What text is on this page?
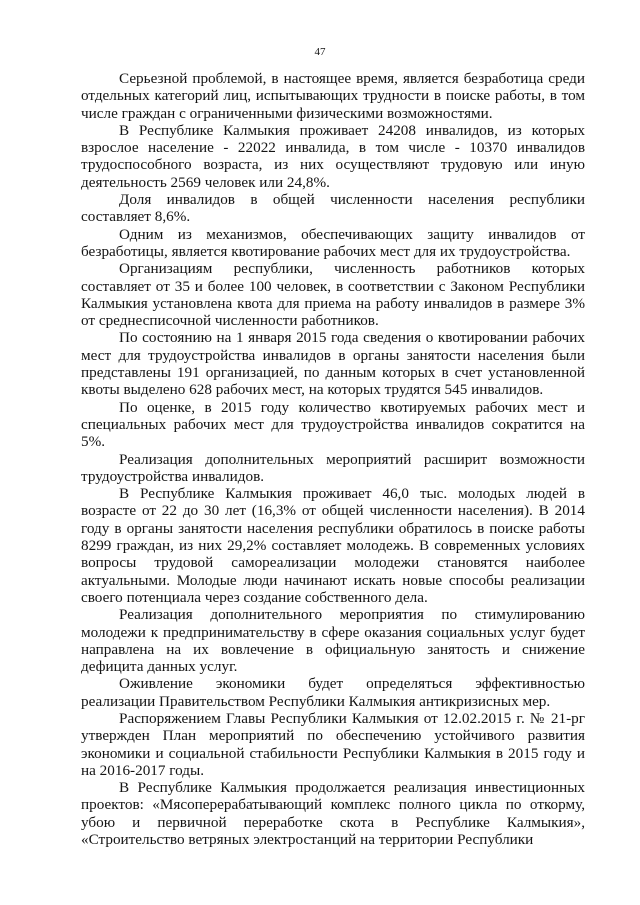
47

Серьезной проблемой, в настоящее время, является безработица среди отдельных категорий лиц, испытывающих трудности в поиске работы, в том числе граждан с ограниченными физическими возможностями.

В Республике Калмыкия проживает 24208 инвалидов, из которых взрослое население - 22022 инвалида, в том числе - 10370 инвалидов трудоспособного возраста, из них осуществляют трудовую или иную деятельность 2569 человек или 24,8%.

Доля инвалидов в общей численности населения республики составляет 8,6%.

Одним из механизмов, обеспечивающих защиту инвалидов от безработицы, является квотирование рабочих мест для их трудоустройства.

Организациям республики, численность работников которых составляет от 35 и более 100 человек, в соответствии с Законом Республики Калмыкия установлена квота для приема на работу инвалидов в размере 3% от среднесписочной численности работников.

По состоянию на 1 января 2015 года сведения о квотировании рабочих мест для трудоустройства инвалидов в органы занятости населения были представлены 191 организацией, по данным которых в счет установленной квоты выделено 628 рабочих мест, на которых трудятся 545 инвалидов.

По оценке, в 2015 году количество квотируемых рабочих мест и специальных рабочих мест для трудоустройства инвалидов сократится на 5%.

Реализация дополнительных мероприятий расширит возможности трудоустройства инвалидов.

В Республике Калмыкия проживает 46,0 тыс. молодых людей в возрасте от 22 до 30 лет (16,3% от общей численности населения). В 2014 году в органы занятости населения республики обратилось в поиске работы 8299 граждан, из них 29,2% составляет молодежь. В современных условиях вопросы трудовой самореализации молодежи становятся наиболее актуальными. Молодые люди начинают искать новые способы реализации своего потенциала через создание собственного дела.

Реализация дополнительного мероприятия по стимулированию молодежи к предпринимательству в сфере оказания социальных услуг будет направлена на их вовлечение в официальную занятость и снижение дефицита данных услуг.

Оживление экономики будет определяться эффективностью реализации Правительством Республики Калмыкия антикризисных мер.

Распоряжением Главы Республики Калмыкия от 12.02.2015 г. № 21-рг утвержден План мероприятий по обеспечению устойчивого развития экономики и социальной стабильности Республики Калмыкия в 2015 году и на 2016-2017 годы.

В Республике Калмыкия продолжается реализация инвестиционных проектов: «Мясоперерабатывающий комплекс полного цикла по откорму, убою и первичной переработке скота в Республике Калмыкия», «Строительство ветряных электростанций на территории Республики
